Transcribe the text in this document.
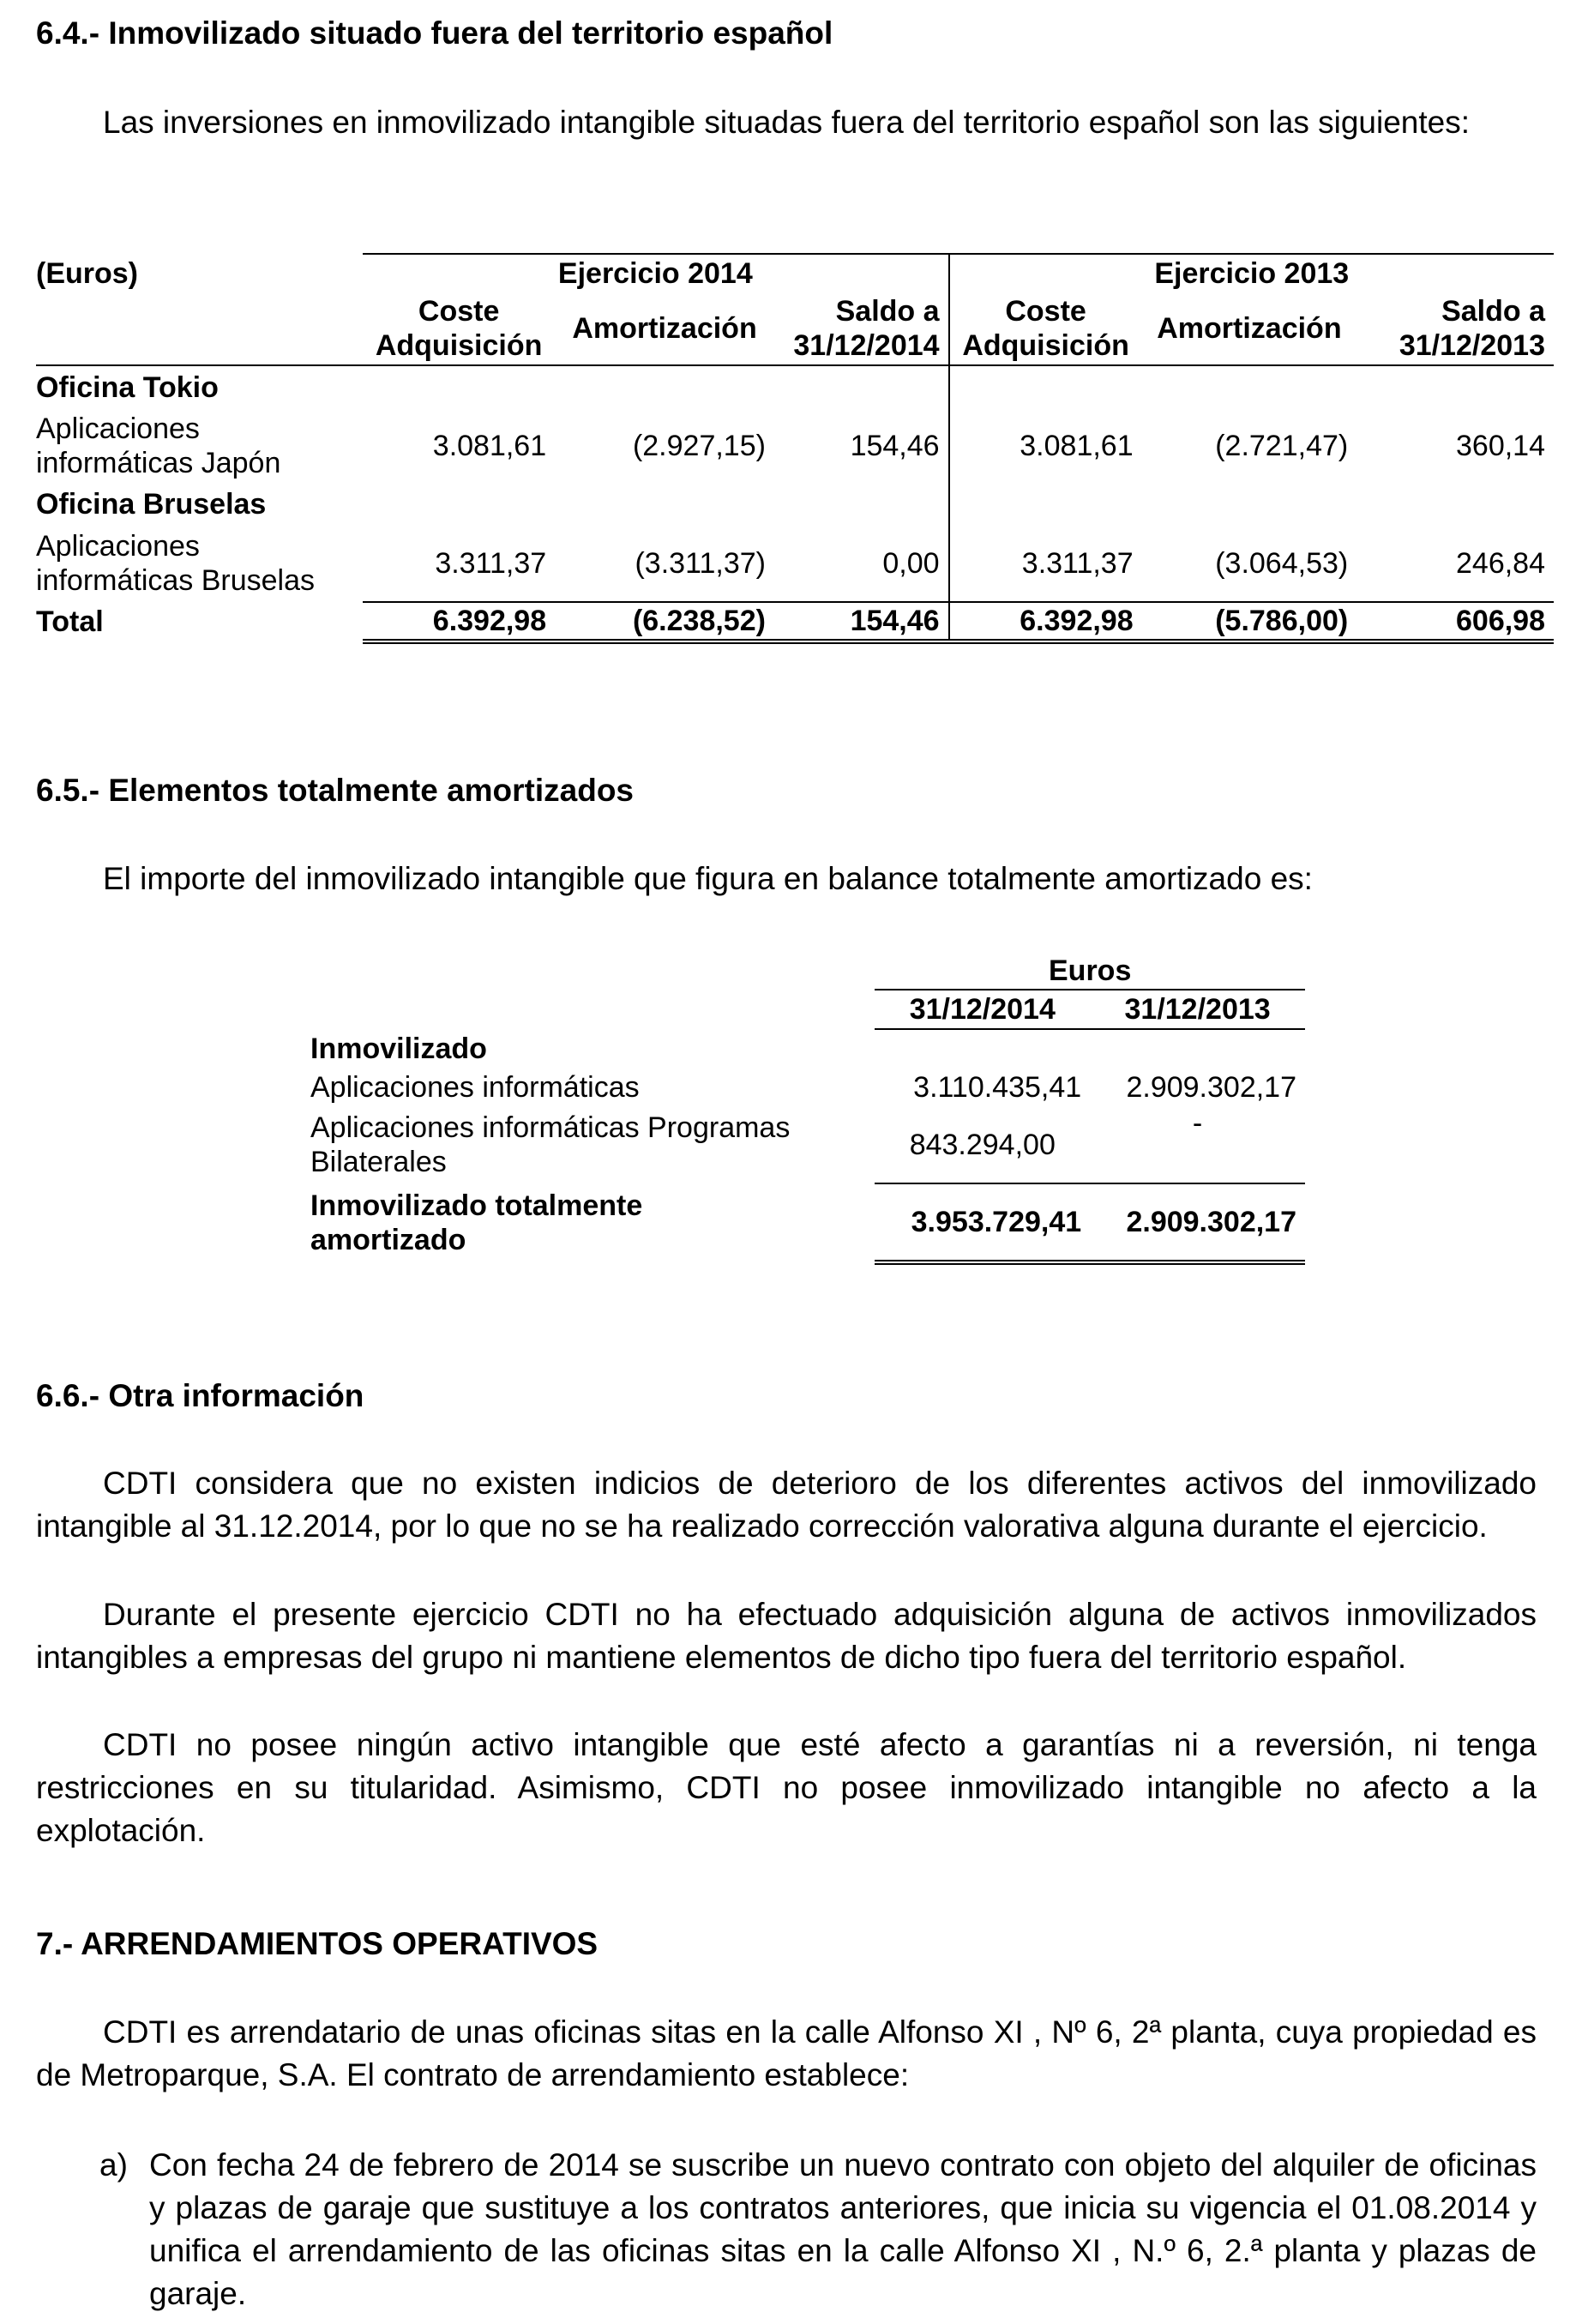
6.4.- Inmovilizado situado fuera del territorio español

Las inversiones en inmovilizado intangible situadas fuera del territorio español son las siguientes:

(Euros)	Ejercicio 2014			Ejercicio 2013		
	Coste Adquisición	Amortización	Saldo a 31/12/2014	Coste Adquisición	Amortización	Saldo a 31/12/2013
Oficina Tokio						
Aplicaciones informáticas Japón	3.081,61	(2.927,15)	154,46	3.081,61	(2.721,47)	360,14
Oficina Bruselas						
Aplicaciones informáticas Bruselas	3.311,37	(3.311,37)	0,00	3.311,37	(3.064,53)	246,84
Total	6.392,98	(6.238,52)	154,46	6.392,98	(5.786,00)	606,98
6.5.- Elementos totalmente amortizados

El importe del inmovilizado intangible que figura en balance totalmente amortizado es:

	Euros	
	31/12/2014	31/12/2013
Inmovilizado		
Aplicaciones informáticas	3.110.435,41	2.909.302,17
Aplicaciones informáticas Programas Bilaterales	843.294,00	-
Inmovilizado totalmente amortizado	3.953.729,41	2.909.302,17
6.6.- Otra información

CDTI considera que no existen indicios de deterioro de los diferentes activos del inmovilizado intangible al 31.12.2014, por lo que no se ha realizado corrección valorativa alguna durante el ejercicio.

Durante el presente ejercicio CDTI no ha efectuado adquisición alguna de activos inmovilizados intangibles a empresas del grupo ni mantiene elementos de dicho tipo fuera del territorio español.

CDTI no posee ningún activo intangible que esté afecto a garantías ni a reversión, ni tenga restricciones en su titularidad. Asimismo, CDTI no posee inmovilizado intangible no afecto a la explotación.

7.- ARRENDAMIENTOS OPERATIVOS

CDTI es arrendatario de unas oficinas sitas en la calle Alfonso XI , Nº 6, 2ª planta, cuya propiedad es de Metroparque, S.A. El contrato de arrendamiento establece:

a) Con fecha 24 de febrero de 2014 se suscribe un nuevo contrato con objeto del alquiler de oficinas y plazas de garaje que sustituye a los contratos anteriores, que inicia su vigencia el 01.08.2014 y unifica el arrendamiento de las oficinas sitas en la calle Alfonso XI , N.º 6, 2.ª planta y plazas de garaje.
